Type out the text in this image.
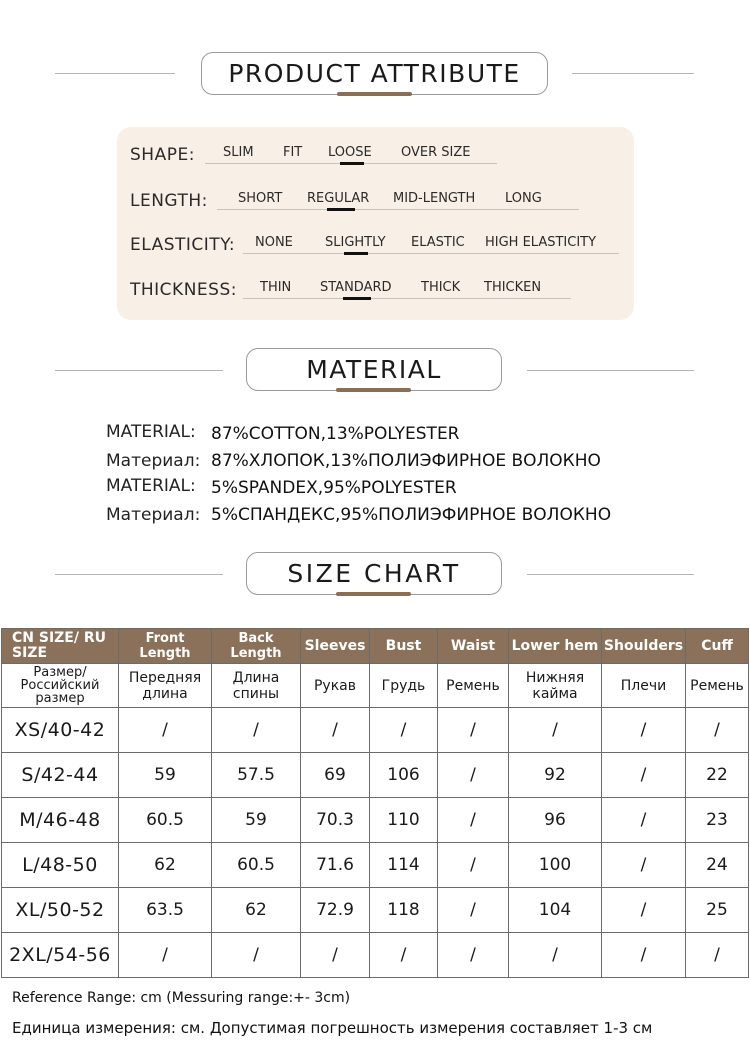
PRODUCT ATTRIBUTE
SHAPE: SLIM FIT LOOSE OVER SIZE
LENGTH: SHORT REGULAR MID-LENGTH LONG
ELASTICITY: NONE SLIGHTLY ELASTIC HIGH ELASTICITY
THICKNESS: THIN STANDARD THICK THICKEN
MATERIAL
MATERIAL: 87%COTTON,13%POLYESTER
Материал: 87%ХЛОПОК,13%ПОЛИЭФИРНОЕ ВОЛОКНО
MATERIAL: 5%SPANDEX,95%POLYESTER
Материал: 5%СПАНДЕКС,95%ПОЛИЭФИРНОЕ ВОЛОКНО
SIZE CHART
CN SIZE/ RU SIZE	Front Length	Back Length	Sleeves	Bust	Waist	Lower hem	Shoulders	Cuff
Размер/ Российский размер	Передняя длина	Длина спины	Рукав	Грудь	Ремень	Нижняя кайма	Плечи	Ремень
XS/40-42	/	/	/	/	/	/	/	/
S/42-44	59	57.5	69	106	/	92	/	22
M/46-48	60.5	59	70.3	110	/	96	/	23
L/48-50	62	60.5	71.6	114	/	100	/	24
XL/50-52	63.5	62	72.9	118	/	104	/	25
2XL/54-56	/	/	/	/	/	/	/	/
Reference Range: cm (Messuring range:+- 3cm)
Единица измерения: см. Допустимая погрешность измерения составляет 1-3 см
